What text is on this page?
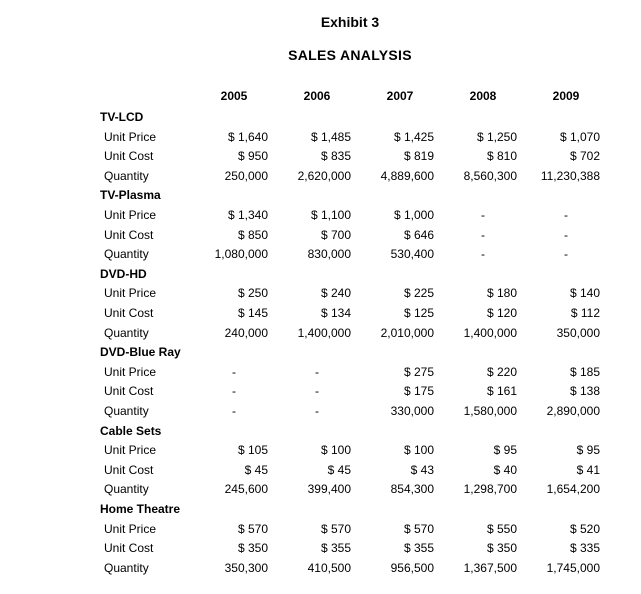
Exhibit 3
SALES ANALYSIS
2005	2006	2007	2008	2009
TV-LCD
Unit Price	$ 1,640	$ 1,485	$ 1,425	$ 1,250	$ 1,070
Unit Cost	$ 950	$ 835	$ 819	$ 810	$ 702
Quantity	250,000	2,620,000	4,889,600	8,560,300	11,230,388
TV-Plasma
Unit Price	$ 1,340	$ 1,100	$ 1,000	-	-
Unit Cost	$ 850	$ 700	$ 646	-	-
Quantity	1,080,000	830,000	530,400	-	-
DVD-HD
Unit Price	$ 250	$ 240	$ 225	$ 180	$ 140
Unit Cost	$ 145	$ 134	$ 125	$ 120	$ 112
Quantity	240,000	1,400,000	2,010,000	1,400,000	350,000
DVD-Blue Ray
Unit Price	-	-	$ 275	$ 220	$ 185
Unit Cost	-	-	$ 175	$ 161	$ 138
Quantity	-	-	330,000	1,580,000	2,890,000
Cable Sets
Unit Price	$ 105	$ 100	$ 100	$ 95	$ 95
Unit Cost	$ 45	$ 45	$ 43	$ 40	$ 41
Quantity	245,600	399,400	854,300	1,298,700	1,654,200
Home Theatre
Unit Price	$ 570	$ 570	$ 570	$ 550	$ 520
Unit Cost	$ 350	$ 355	$ 355	$ 350	$ 335
Quantity	350,300	410,500	956,500	1,367,500	1,745,000
